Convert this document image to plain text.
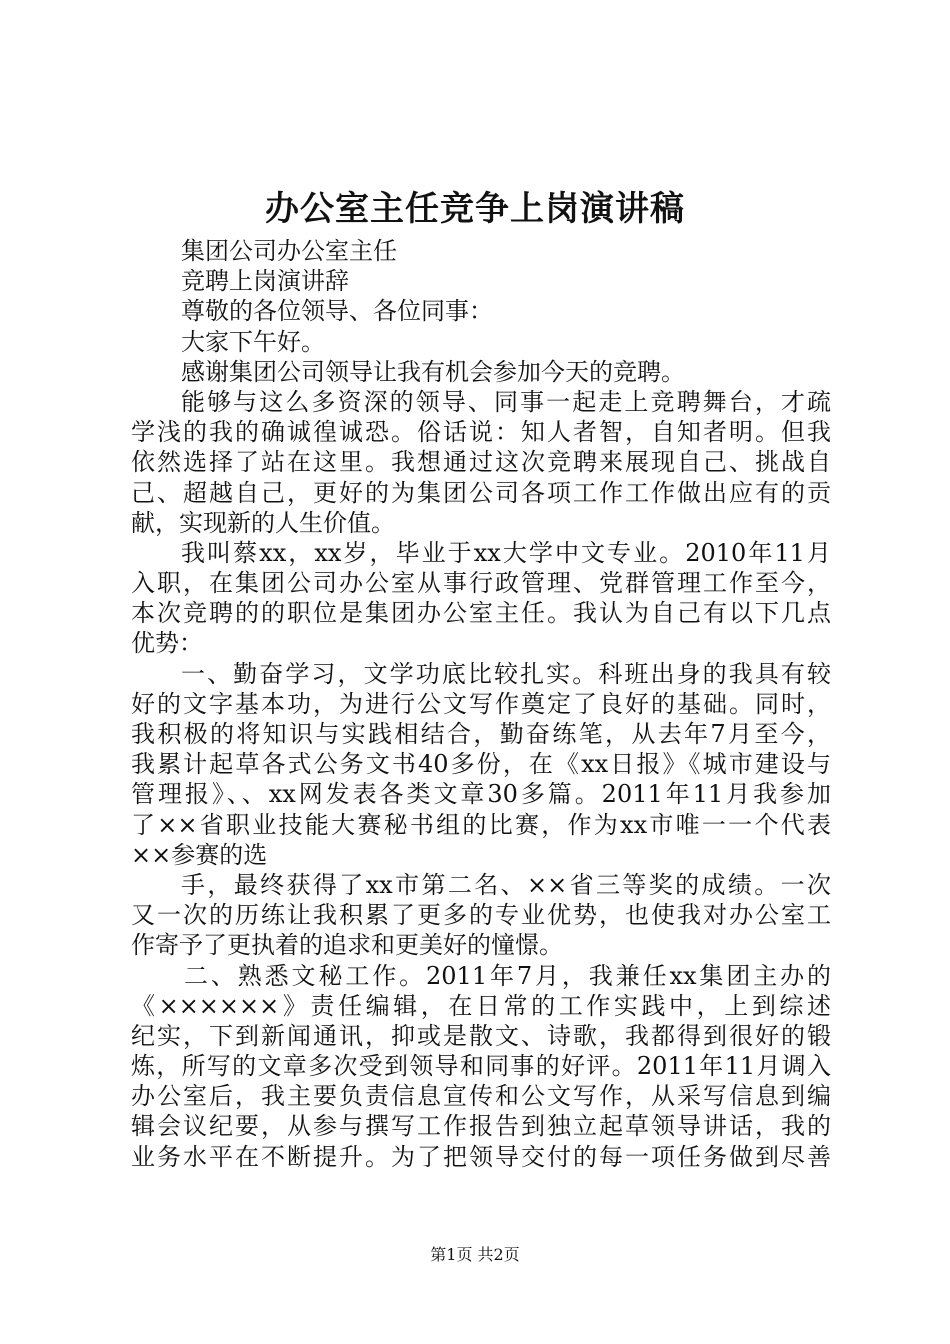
办公室主任竞争上岗演讲稿
集团公司办公室主任
竞聘上岗演讲辞
尊敬的各位领导、各位同事：
大家下午好。
感谢集团公司领导让我有机会参加今天的竞聘。
能够与这么多资深的领导、同事一起走上竞聘舞台，才疏
学浅的我的确诚徨诚恐。俗话说：知人者智，自知者明。但我
依然选择了站在这里。我想通过这次竞聘来展现自己、挑战自
己、超越自己，更好的为集团公司各项工作工作做出应有的贡
献，实现新的人生价值。
我叫蔡xx，xx岁，毕业于xx大学中文专业。2010年11月
入职，在集团公司办公室从事行政管理、党群管理工作至今，
本次竞聘的的职位是集团办公室主任。我认为自己有以下几点
优势：
一、勤奋学习，文学功底比较扎实。科班出身的我具有较
好的文字基本功，为进行公文写作奠定了良好的基础。同时，
我积极的将知识与实践相结合，勤奋练笔，从去年7月至今，
我累计起草各式公务文书40多份，在《xx日报》《城市建设与
管理报》、、xx网发表各类文章30多篇。2011年11月我参加
了××省职业技能大赛秘书组的比赛，作为xx市唯一一个代表
××参赛的选
手，最终获得了xx市第二名、××省三等奖的成绩。一次
又一次的历练让我积累了更多的专业优势，也使我对办公室工
作寄予了更执着的追求和更美好的憧憬。
二、熟悉文秘工作。2011年7月，我兼任xx集团主办的
《××××××》责任编辑，在日常的工作实践中，上到综述
纪实，下到新闻通讯，抑或是散文、诗歌，我都得到很好的锻
炼，所写的文章多次受到领导和同事的好评。2011年11月调入
办公室后，我主要负责信息宣传和公文写作，从采写信息到编
辑会议纪要，从参与撰写工作报告到独立起草领导讲话，我的
业务水平在不断提升。为了把领导交付的每一项任务做到尽善
第1页 共2页
